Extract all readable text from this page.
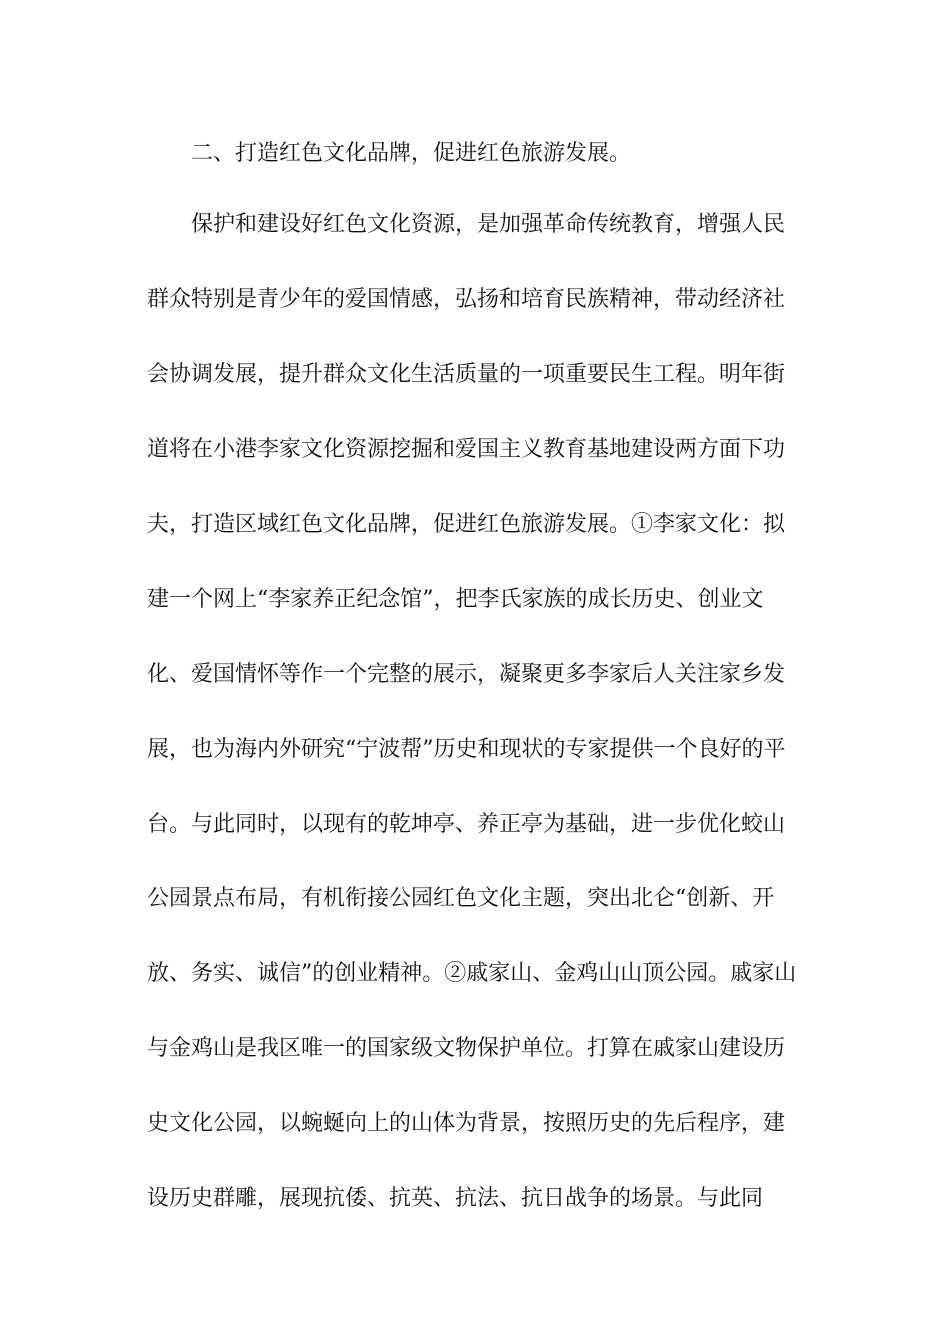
二、打造红色文化品牌，促进红色旅游发展。
保护和建设好红色文化资源，是加强革命传统教育，增强人民
群众特别是青少年的爱国情感，弘扬和培育民族精神，带动经济社
会协调发展，提升群众文化生活质量的一项重要民生工程。明年街
道将在小港李家文化资源挖掘和爱国主义教育基地建设两方面下功
夫，打造区域红色文化品牌，促进红色旅游发展。①李家文化：拟
建一个网上“李家养正纪念馆”，把李氏家族的成长历史、创业文
化、爱国情怀等作一个完整的展示，凝聚更多李家后人关注家乡发
展，也为海内外研究“宁波帮”历史和现状的专家提供一个良好的平
台。与此同时，以现有的乾坤亭、养正亭为基础，进一步优化蛟山
公园景点布局，有机衔接公园红色文化主题，突出北仑“创新、开
放、务实、诚信”的创业精神。②戚家山、金鸡山山顶公园。戚家山
与金鸡山是我区唯一的国家级文物保护单位。打算在戚家山建设历
史文化公园，以蜿蜒向上的山体为背景，按照历史的先后程序，建
设历史群雕，展现抗倭、抗英、抗法、抗日战争的场景。与此同
